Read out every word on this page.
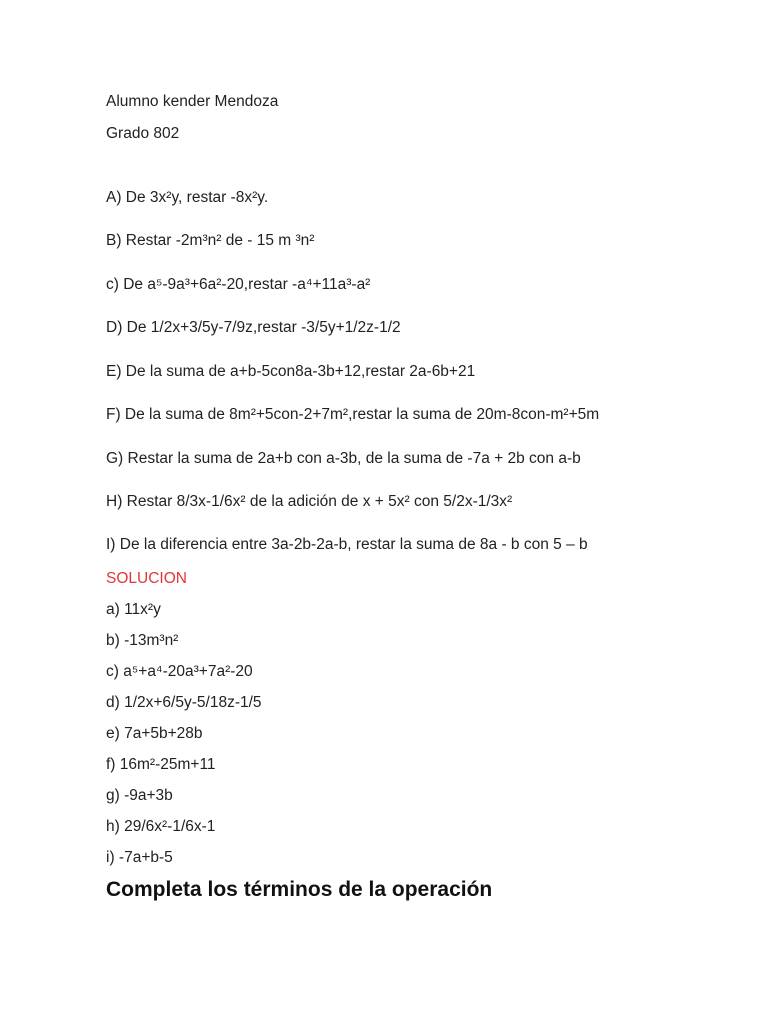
Alumno kender Mendoza
Grado 802
A) De 3x²y, restar -8x²y.
B) Restar -2m³n² de - 15 m ³n²
c) De a⁵-9a³+6a²-20,restar -a⁴+11a³-a²
D) De 1/2x+3/5y-7/9z,restar -3/5y+1/2z-1/2
E) De la suma de a+b-5con8a-3b+12,restar 2a-6b+21
F) De la suma de 8m²+5con-2+7m²,restar la suma de 20m-8con-m²+5m
G) Restar la suma de 2a+b con a-3b, de la suma de -7a + 2b con a-b
H) Restar 8/3x-1/6x² de la adición de x + 5x² con 5/2x-1/3x²
I) De la diferencia entre 3a-2b-2a-b, restar la suma de 8a - b con 5 – b
SOLUCION
a) 11x²y
b) -13m³n²
c) a⁵+a⁴-20a³+7a²-20
d) 1/2x+6/5y-5/18z-1/5
e) 7a+5b+28b
f) 16m²-25m+11
g) -9a+3b
h) 29/6x²-1/6x-1
i) -7a+b-5
Completa los términos de la operación
